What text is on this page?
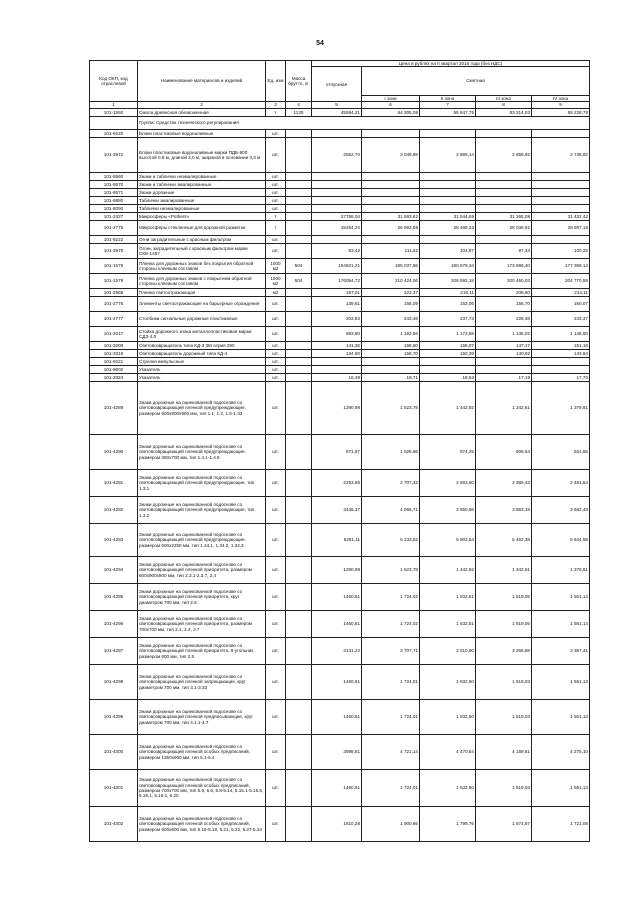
54
Код ОКП, код отраслевой	Наименование материалов и изделий	Ед. изм	Масса брутто, кг	Цена в рублях на II квартал 2016 года (без НДС)				
				отпускная	Сметная			
					I зона	II зона	III зона	IV зона
1	2	3	4	5	6	7	8	9
101-1592	Смола древесная обезвоженная	т	1130	45594,21	64 305,08	55 647,75	53 214,03	55 228,78
	Группа: Средства технического регулирования							
101-9220	Блоки пластиковые водоналивные	шт.						
101-3972	Блоки пластиковые водоналивные марки ПДБ-800 высотой 0,8 м, длиной 2,0 м, шириной в основании 0,3 м	шт.		2552,70	3 049,88	2 868,14	2 659,92	2 738,92
101-9560	Знаки и таблички неэмалированные	шт.						
101-9570	Знаки и таблички эмалированные	шт.						
101-9571	Знаки дорожные	шт.						
101-9880	Таблички эмалированные	шт.						
101-8090	Таблички неэмалированные	шт.						
101-2427	Микросферы «Pothers»	т		27758,04	31 693,62	31 544,69	31 265,08	31 432,42
101-2775	Микросферы стеклянные для дорожной разметки	т		25254,24	26 592,69	28 499,33	28 036,92	28 597,18
101-9222	Огни заградительные с красным фильтром	шт.						
101-3979	Огонь заградительный с красным фильтром марки СКБ-1487	шт.		93,42	111,62	104,97	97,34	100,25
101-1578	Пленка для дорожных знаков без покрытия обратной стороны клеевым составом	1000 м2	504	154921,21	185 037,86	180 679,34	173 696,40	177 369,14
101-1579	Пленка для дорожных знаков с покрытием обратной стороны клеевым составом	1000 м2	504	176054,72	210 424,06	208 592,18	200 460,03	204 770,59
101-2968	Пленка светоотражающая	м2		187,01	223,37	218,11	208,60	214,11
101-2776	Элементы светоотражающие на барьерные ограждения	шт.		139,61	166,09	163,06	156,70	160,07
101-2777	Столбики сигнальные дорожные пластиковые	шт.		203,83	243,46	237,73	228,48	233,37
101-2017	Стойка дорожного знака металлопластиковая марки СДЗ-4.0	шт.		993,80	1 192,56	1 172,68	1 135,02	1 148,60
101-3200	Световозвращатель типа КД-3 3М серия 290	шт.		141,36	168,80	158,07	147,17	151,18
101-3318	Световозвращатель дорожный типа КД-4	шт.		134,50	158,70	150,39	140,02	143,84
101-9221	Стрелки импульсные	шт.						
101-9602	Указатель	шт.						
101-2024	Указатель	шт.		16,49	19,71	18,53	17,19	17,70
101-4289	Знаки дорожные на оцинкованной подоснове со световозвращающей пленкой предупреждающие, размером 900х900х900 мм, тип 1.1, 1.2, 1.5-1.33	шт.		1290,98	1 523,78	1 442,92	1 342,61	1 379,81
101-4290	Знаки дорожные на оцинкованной подоснове со световозвращающей пленкой предупреждающие, размером 350х700 мм, тип 1.4.1-1.4.6	шт.		871,67	1 028,86	974,25	906,54	931,65
101-4291	Знаки дорожные на оцинкованной подоснове со световозвращающей пленкой предупреждающие, тип 1.3.1	шт.		2293,66	2 707,32	2 563,60	2 385,43	2 451,54
101-4292	Знаки дорожные на оцинкованной подоснове со световозвращающей пленкой предупреждающие, тип 1.3.2	шт.		3445,37	4 066,71	3 850,86	3 583,19	3 682,49
101-4293	Знаки дорожные на оцинкованной подоснове со световозвращающей пленкой предупреждающие, размером 500х2250 мм, тип 1.34.1, 1.34.2, 1.34.3	шт.		5281,11	6 233,52	5 902,64	5 492,38	5 644,58
101-4294	Знаки дорожные на оцинкованной подоснове со световозвращающей пленкой приоритета, размером 600х900х900 мм, тип 2.3.1-2.3.7, 2.4	шт.		1290,98	1 523,78	1 442,92	1 342,61	1 379,81
101-4295	Знаки дорожные на оцинкованной подоснове со световозвращающей пленкой приоритета, круг диаметром 700 мм, тип 2.6	шт.		1460,61	1 724,02	1 632,51	1 519,05	1 561,14
101-4296	Знаки дорожные на оцинкованной подоснове со световозвращающей пленкой приоритета, размером 700х700 мм, тип 2.1, 2.2, 2.7	шт.		1460,61	1 724,02	1 632,51	1 519,05	1 561,14
101-4297	Знаки дорожные на оцинкованной подоснове со световозвращающей пленкой приоритета, 8-угольник размером 900 мм, тип 2.5	шт.		3141,22	3 707,71	3 510,90	3 266,88	3 357,41
101-4298	Знаки дорожные на оцинкованной подоснове со световозвращающей пленкой запрещающие, круг диаметром 700 мм, тип 3.1-3.33	шт.		1460,61	1 724,01	1 632,50	1 519,03	1 561,13
101-4299	Знаки дорожные на оцинкованной подоснове со световозвращающей пленкой предписывающие, круг диаметром 700 мм, тип 4.1.1-4.7	шт.		1460,61	1 724,01	1 632,50	1 519,03	1 561,13
101-4300	Знаки дорожные на оцинкованной подоснове со световозвращающей пленкой особых предписаний, размером 1350х900 мм, тип 5.1-5.4	шт.		3998,81	4 721,14	4 470,54	4 159,81	4 275,10
101-4301	Знаки дорожные на оцинкованной подоснове со световозвращающей пленкой особых предписаний, размером 700х700 мм, тип 5.5, 5.6, 5.8-5.14, 5.15.1-5.15.6, 5.19.1, 5.19.2, 5.20	шт.		1460,61	1 724,01	1 632,50	1 519,03	1 561,13
101-4302	Знаки дорожные на оцинкованной подоснове со световозвращающей пленкой особых предписаний, размером 900х600 мм, тип 5.16-5.18, 5.21, 5.22, 5.27-5.34	шт.		1610,28	1 900,66	1 799,76	1 674,67	1 721,08
